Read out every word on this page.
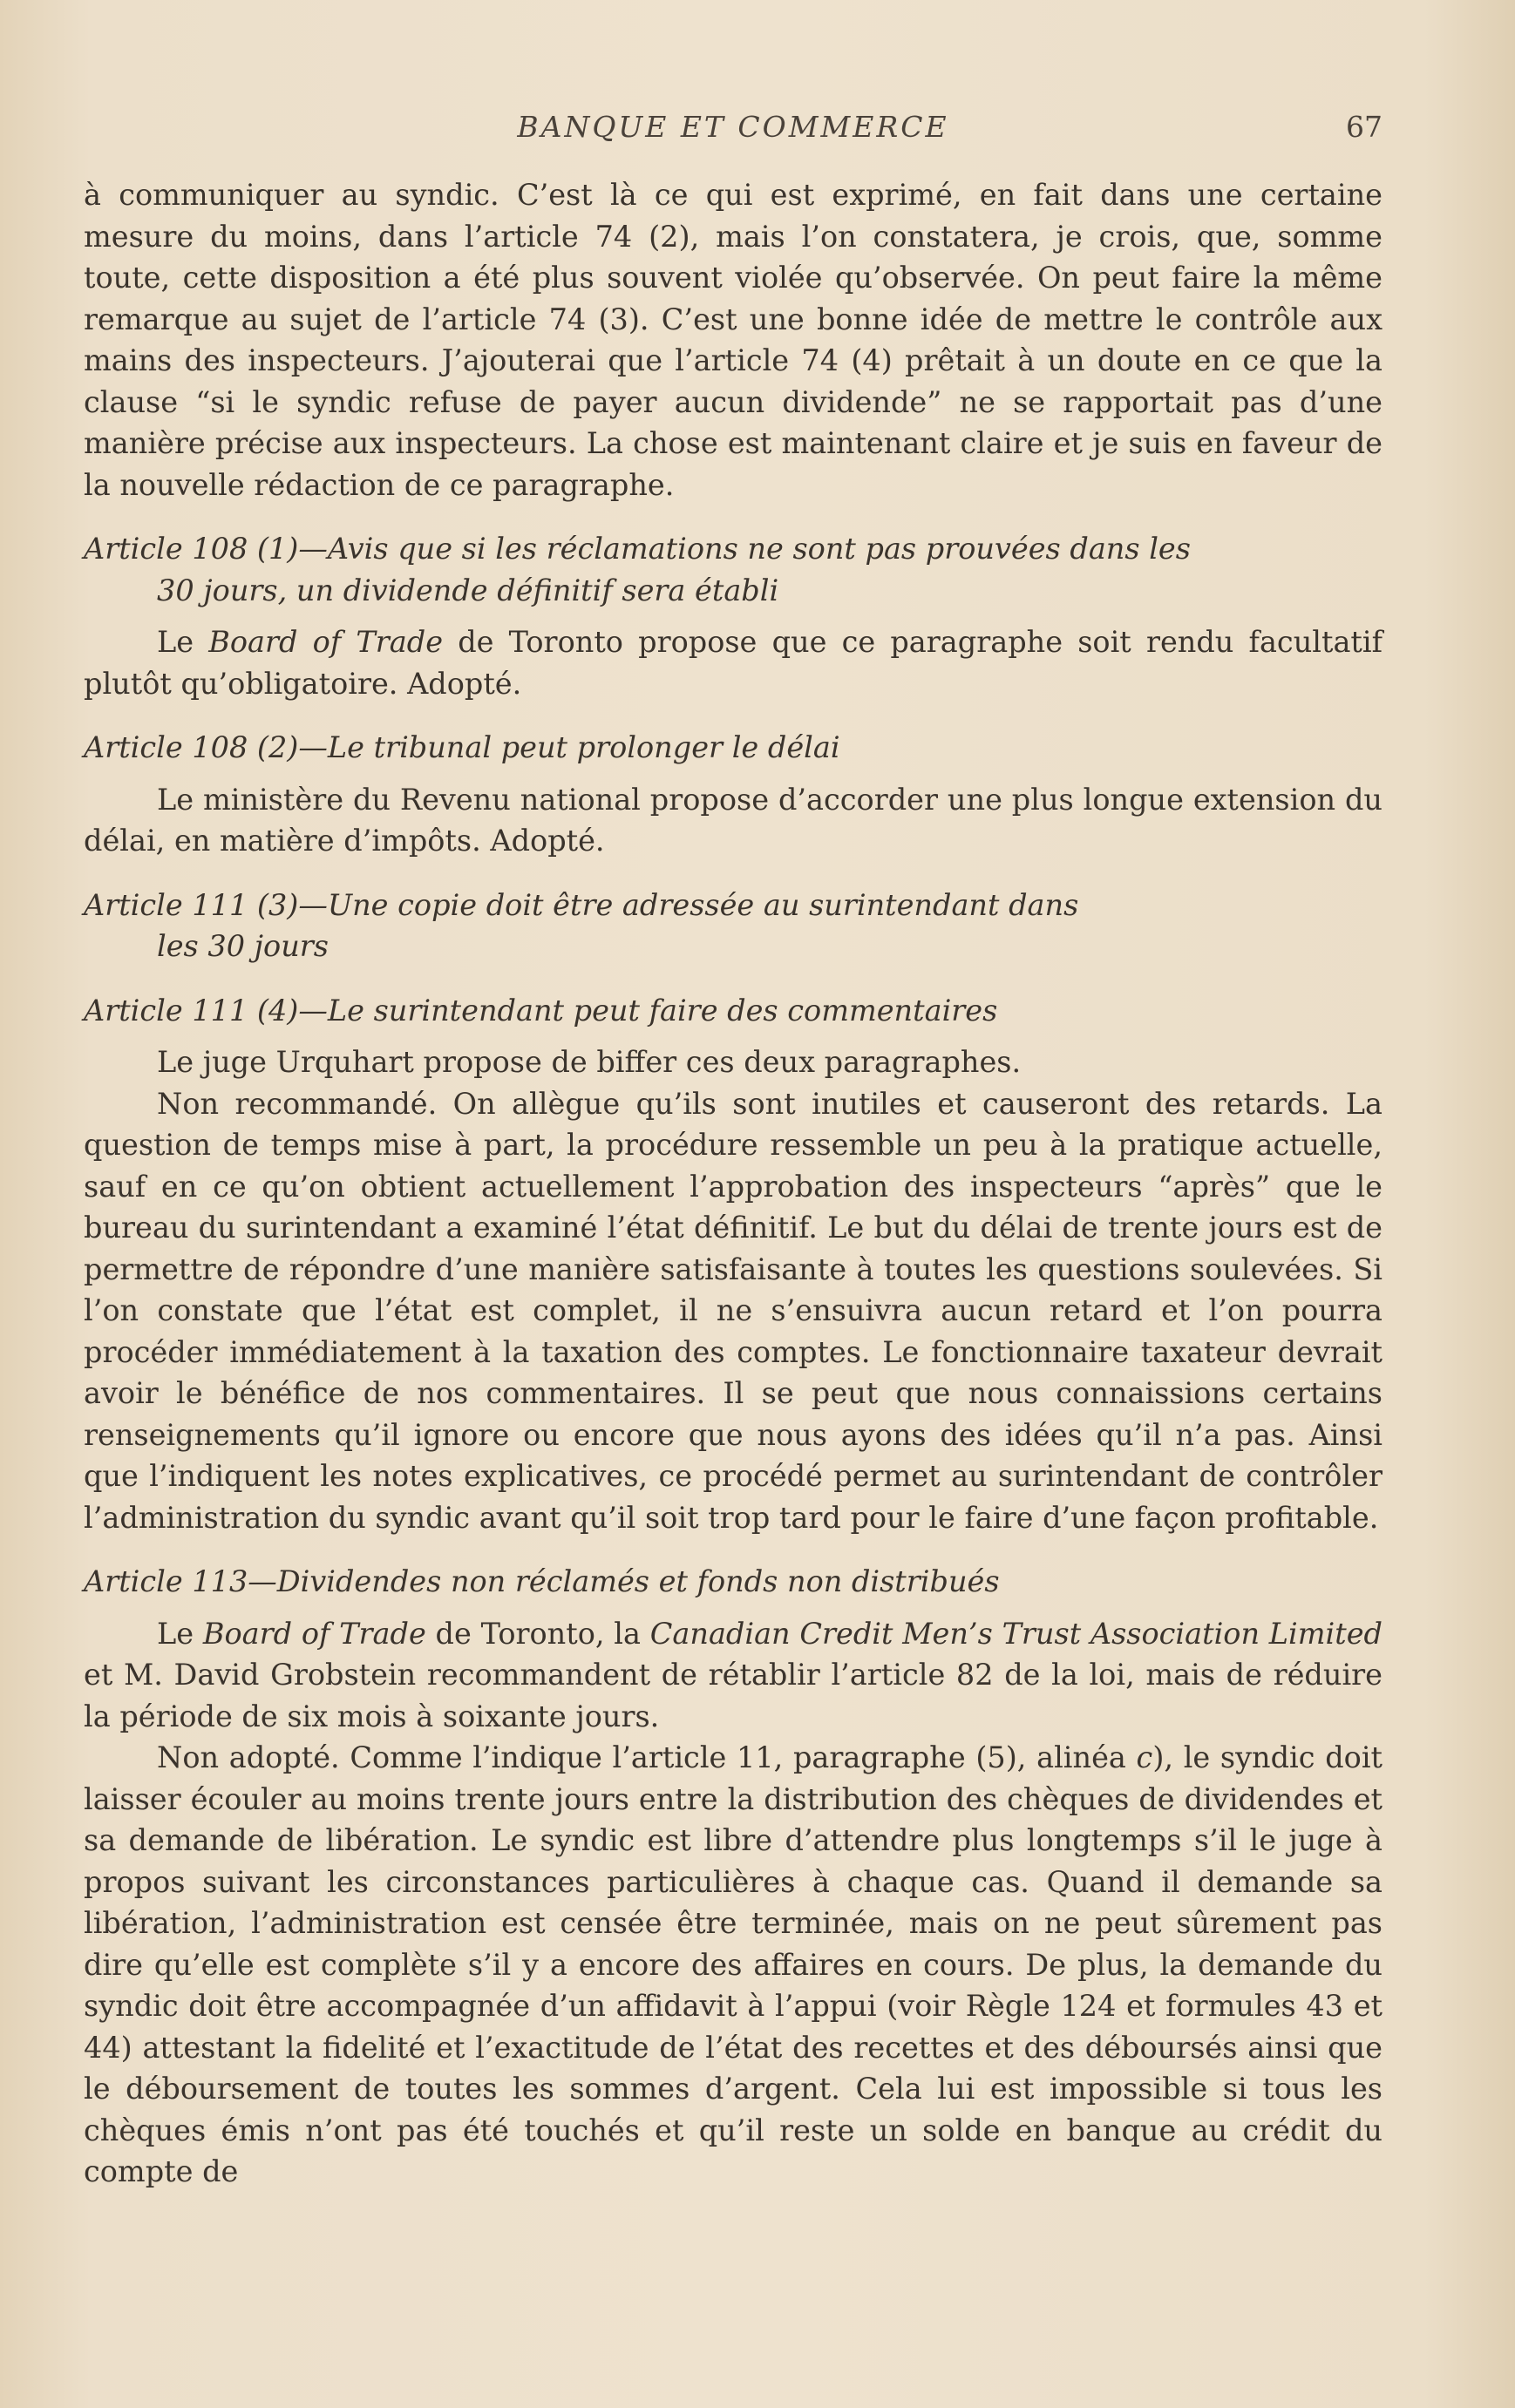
BANQUE ET COMMERCE	67

à communiquer au syndic. C’est là ce qui est exprimé, en fait dans une certaine mesure du moins, dans l’article 74 (2), mais l’on constatera, je crois, que, somme toute, cette disposition a été plus souvent violée qu’observée. On peut faire la même remarque au sujet de l’article 74 (3). C’est une bonne idée de mettre le contrôle aux mains des inspecteurs. J’ajouterai que l’article 74 (4) prêtait à un doute en ce que la clause “si le syndic refuse de payer aucun dividende” ne se rapportait pas d’une manière précise aux inspecteurs. La chose est maintenant claire et je suis en faveur de la nouvelle rédaction de ce paragraphe.

Article 108 (1)—Avis que si les réclamations ne sont pas prouvées dans les
30 jours, un dividende définitif sera établi

Le Board of Trade de Toronto propose que ce paragraphe soit rendu facultatif plutôt qu’obligatoire. Adopté.

Article 108 (2)—Le tribunal peut prolonger le délai

Le ministère du Revenu national propose d’accorder une plus longue extension du délai, en matière d’impôts. Adopté.

Article 111 (3)—Une copie doit être adressée au surintendant dans
les 30 jours

Article 111 (4)—Le surintendant peut faire des commentaires

Le juge Urquhart propose de biffer ces deux paragraphes.

Non recommandé. On allègue qu’ils sont inutiles et causeront des retards. La question de temps mise à part, la procédure ressemble un peu à la pratique actuelle, sauf en ce qu’on obtient actuellement l’approbation des inspecteurs “après” que le bureau du surintendant a examiné l’état définitif. Le but du délai de trente jours est de permettre de répondre d’une manière satisfaisante à toutes les questions soulevées. Si l’on constate que l’état est complet, il ne s’ensuivra aucun retard et l’on pourra procéder immédiatement à la taxation des comptes. Le fonctionnaire taxateur devrait avoir le bénéfice de nos commentaires. Il se peut que nous connaissions certains renseignements qu’il ignore ou encore que nous ayons des idées qu’il n’a pas. Ainsi que l’indiquent les notes explicatives, ce procédé permet au surintendant de contrôler l’administration du syndic avant qu’il soit trop tard pour le faire d’une façon profitable.

Article 113—Dividendes non réclamés et fonds non distribués

Le Board of Trade de Toronto, la Canadian Credit Men’s Trust Association Limited et M. David Grobstein recommandent de rétablir l’article 82 de la loi, mais de réduire la période de six mois à soixante jours.

Non adopté. Comme l’indique l’article 11, paragraphe (5), alinéa c), le syndic doit laisser écouler au moins trente jours entre la distribution des chèques de dividendes et sa demande de libération. Le syndic est libre d’attendre plus longtemps s’il le juge à propos suivant les circonstances particulières à chaque cas. Quand il demande sa libération, l’administration est censée être terminée, mais on ne peut sûrement pas dire qu’elle est complète s’il y a encore des affaires en cours. De plus, la demande du syndic doit être accompagnée d’un affidavit à l’appui (voir Règle 124 et formules 43 et 44) attestant la fidelité et l’exactitude de l’état des recettes et des déboursés ainsi que le déboursement de toutes les sommes d’argent. Cela lui est impossible si tous les chèques émis n’ont pas été touchés et qu’il reste un solde en banque au crédit du compte de
